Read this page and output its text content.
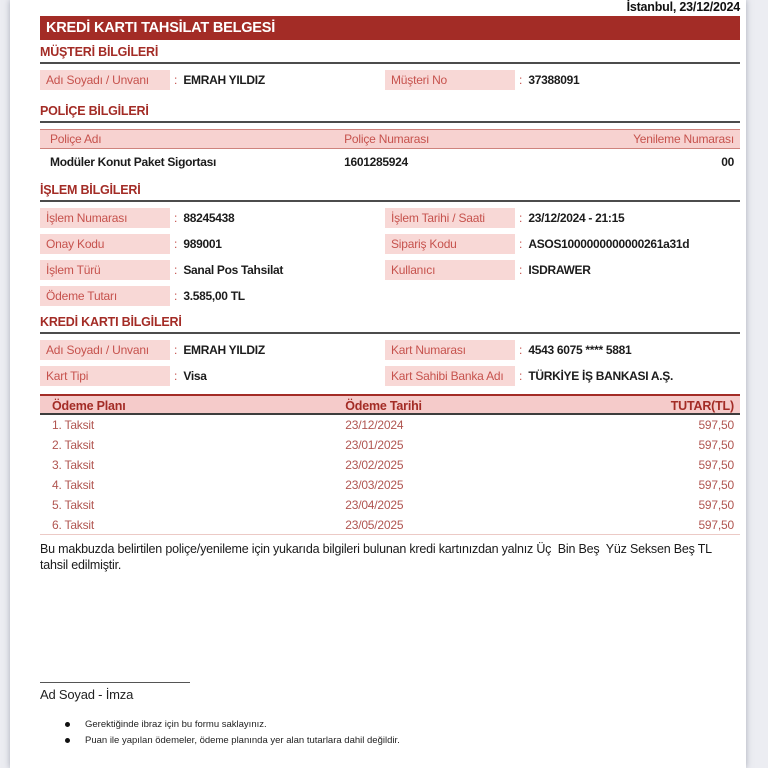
İstanbul, 23/12/2024
KREDİ KARTI TAHSİLAT BELGESİ
MÜŞTERİ BİLGİLERİ
Adı Soyadı / Unvanı	: EMRAH YILDIZ	Müşteri No	: 37388091
POLİÇE BİLGİLERİ
Poliçe Adı	Poliçe Numarası	Yenileme Numarası
Modüler Konut Paket Sigortası	1601285924	00
İŞLEM BİLGİLERİ
İşlem Numarası	: 88245438	İşlem Tarihi / Saati	: 23/12/2024 - 21:15
Onay Kodu	: 989001	Sipariş Kodu	: ASOS1000000000000261a31d
İşlem Türü	: Sanal Pos Tahsilat	Kullanıcı	: ISDRAWER
Ödeme Tutarı	: 3.585,00 TL
KREDİ KARTI BİLGİLERİ
Adı Soyadı / Unvanı	: EMRAH YILDIZ	Kart Numarası	: 4543 6075 **** 5881
Kart Tipi	: Visa	Kart Sahibi Banka Adı	: TÜRKİYE İŞ BANKASI A.Ş.
Ödeme Planı	Ödeme Tarihi	TUTAR(TL)
1. Taksit	23/12/2024	597,50
2. Taksit	23/01/2025	597,50
3. Taksit	23/02/2025	597,50
4. Taksit	23/03/2025	597,50
5. Taksit	23/04/2025	597,50
6. Taksit	23/05/2025	597,50
Bu makbuzda belirtilen poliçe/yenileme için yukarıda bilgileri bulunan kredi kartınızdan yalnız Üç  Bin Beş  Yüz Seksen Beş TL tahsil edilmiştir.
Ad Soyad - İmza
Gerektiğinde ibraz için bu formu saklayınız.
Puan ile yapılan ödemeler, ödeme planında yer alan tutarlara dahil değildir.
